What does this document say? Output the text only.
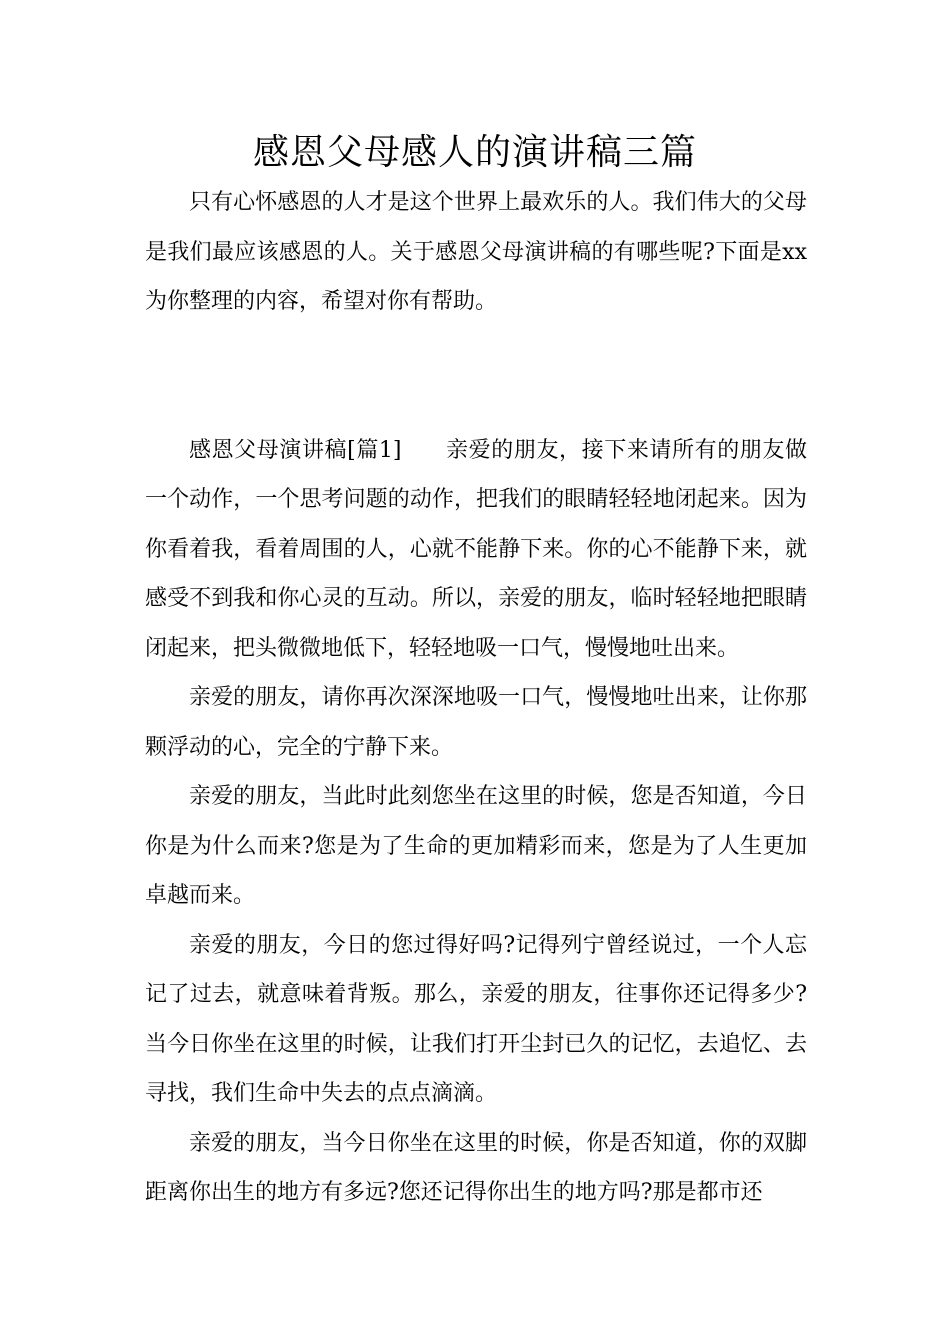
感恩父母感人的演讲稿三篇

只有心怀感恩的人才是这个世界上最欢乐的人。我们伟大的父母是我们最应该感恩的人。关于感恩父母演讲稿的有哪些呢?下面是xx为你整理的内容，希望对你有帮助。

感恩父母演讲稿[篇1] 亲爱的朋友，接下来请所有的朋友做一个动作，一个思考问题的动作，把我们的眼睛轻轻地闭起来。因为你看着我，看着周围的人，心就不能静下来。你的心不能静下来，就感受不到我和你心灵的互动。所以，亲爱的朋友，临时轻轻地把眼睛闭起来，把头微微地低下，轻轻地吸一口气，慢慢地吐出来。

亲爱的朋友，请你再次深深地吸一口气，慢慢地吐出来，让你那颗浮动的心，完全的宁静下来。

亲爱的朋友，当此时此刻您坐在这里的时候，您是否知道，今日你是为什么而来?您是为了生命的更加精彩而来，您是为了人生更加卓越而来。

亲爱的朋友，今日的您过得好吗?记得列宁曾经说过，一个人忘记了过去，就意味着背叛。那么，亲爱的朋友，往事你还记得多少?当今日你坐在这里的时候，让我们打开尘封已久的记忆，去追忆、去寻找，我们生命中失去的点点滴滴。

亲爱的朋友，当今日你坐在这里的时候，你是否知道，你的双脚距离你出生的地方有多远?您还记得你出生的地方吗?那是都市还
